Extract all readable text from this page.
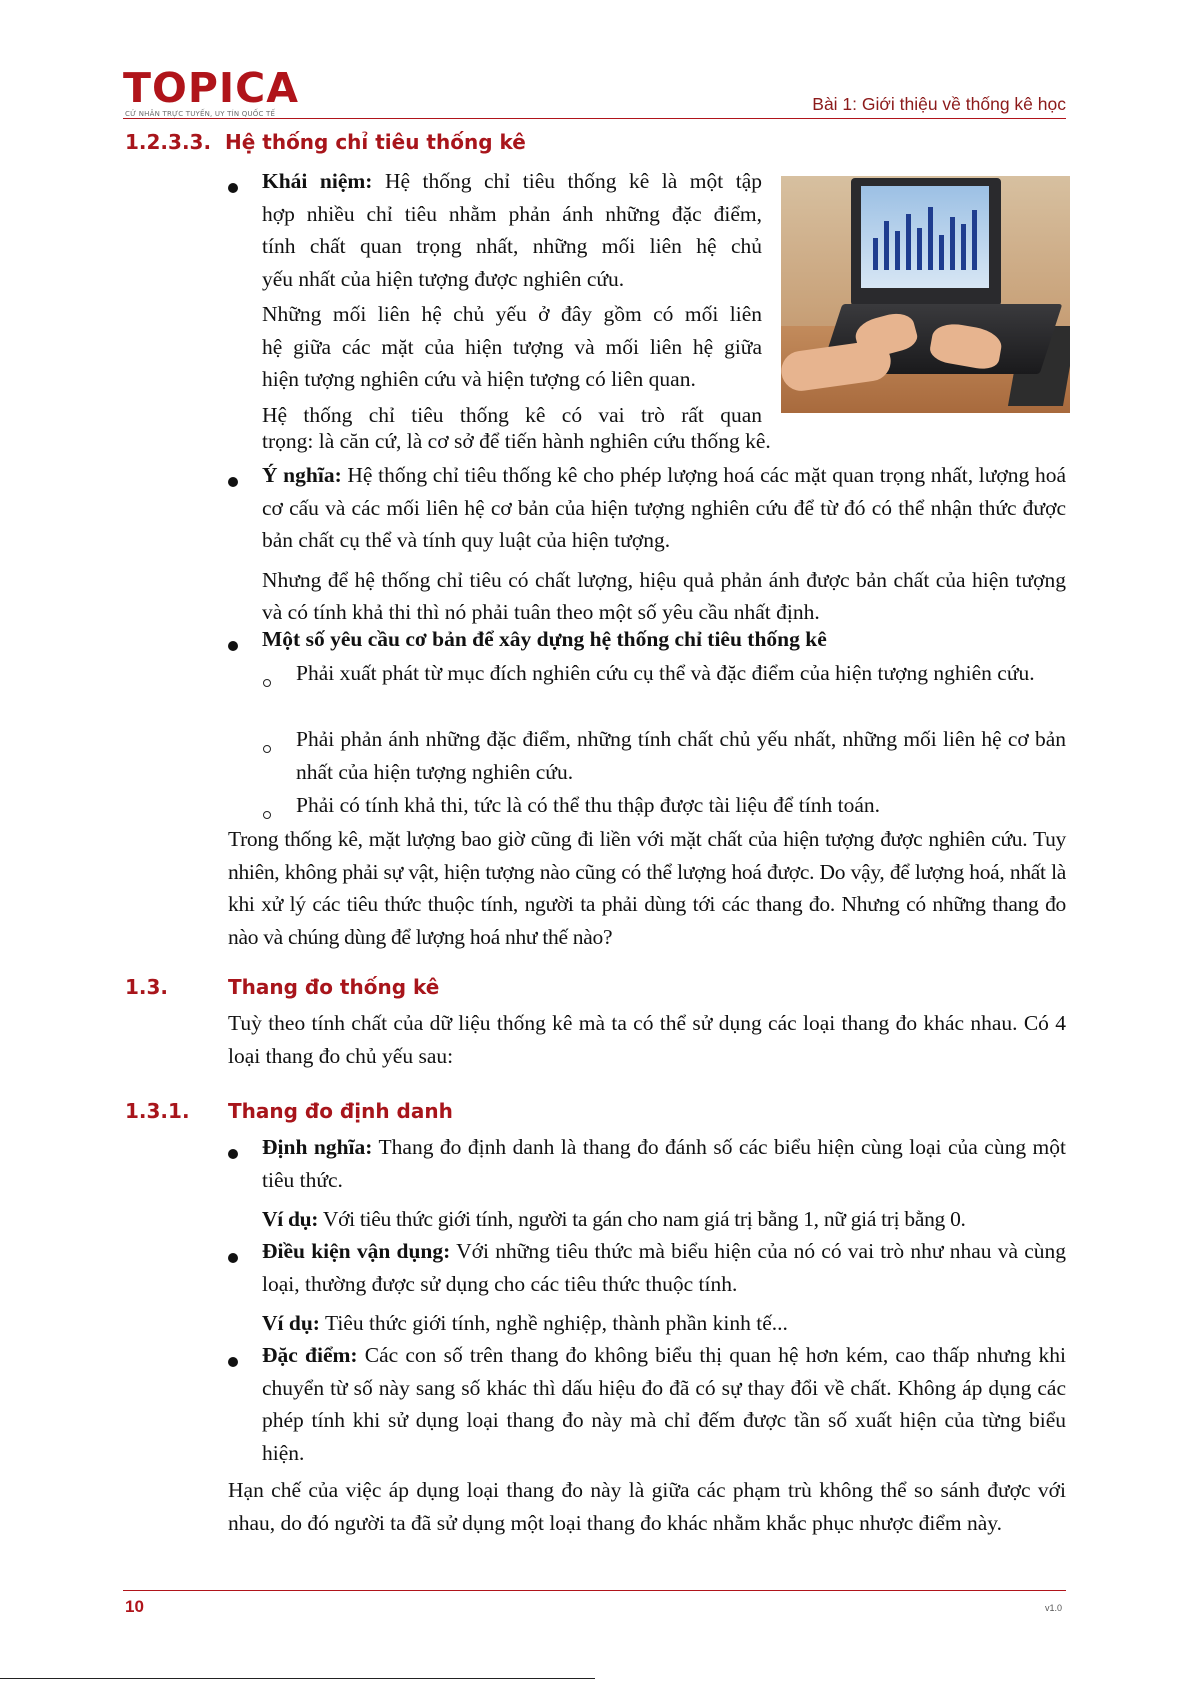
TOPICA
CỬ NHÂN TRỰC TUYẾN, UY TÍN QUỐC TẾ	Bài 1: Giới thiệu về thống kê học
1.2.3.3. Hệ thống chỉ tiêu thống kê

Khái niệm: Hệ thống chỉ tiêu thống kê là một tập

hợp nhiều chỉ tiêu nhằm phản ánh những đặc điểm,

tính chất quan trọng nhất, những mối liên hệ chủ

yếu nhất của hiện tượng được nghiên cứu.

Những mối liên hệ chủ yếu ở đây gồm có mối liên

hệ giữa các mặt của hiện tượng và mối liên hệ giữa

hiện tượng nghiên cứu và hiện tượng có liên quan.

Hệ thống chỉ tiêu thống kê có vai trò rất quan

trọng: là căn cứ, là cơ sở để tiến hành nghiên cứu thống kê.

Ý nghĩa: Hệ thống chỉ tiêu thống kê cho phép lượng hoá các mặt quan trọng nhất, lượng hoá cơ cấu và các mối liên hệ cơ bản của hiện tượng nghiên cứu để từ đó có thể nhận thức được bản chất cụ thể và tính quy luật của hiện tượng.

Nhưng để hệ thống chỉ tiêu có chất lượng, hiệu quả phản ánh được bản chất của hiện tượng và có tính khả thi thì nó phải tuân theo một số yêu cầu nhất định.

Một số yêu cầu cơ bản để xây dựng hệ thống chỉ tiêu thống kê
Phải xuất phát từ mục đích nghiên cứu cụ thể và đặc điểm của hiện tượng nghiên cứu.
Phải phản ánh những đặc điểm, những tính chất chủ yếu nhất, những mối liên hệ cơ bản nhất của hiện tượng nghiên cứu.
Phải có tính khả thi, tức là có thể thu thập được tài liệu để tính toán.
Trong thống kê, mặt lượng bao giờ cũng đi liền với mặt chất của hiện tượng được nghiên cứu. Tuy nhiên, không phải sự vật, hiện tượng nào cũng có thể lượng hoá được. Do vậy, để lượng hoá, nhất là khi xử lý các tiêu thức thuộc tính, người ta phải dùng tới các thang đo. Nhưng có những thang đo nào và chúng dùng để lượng hoá như thế nào?
1.3.	Thang đo thống kê
Tuỳ theo tính chất của dữ liệu thống kê mà ta có thể sử dụng các loại thang đo khác nhau. Có 4 loại thang đo chủ yếu sau:
1.3.1. Thang đo định danh

Định nghĩa: Thang đo định danh là thang đo đánh số các biểu hiện cùng loại của cùng một tiêu thức.

Ví dụ: Với tiêu thức giới tính, người ta gán cho nam giá trị bằng 1, nữ giá trị bằng 0.

Điều kiện vận dụng: Với những tiêu thức mà biểu hiện của nó có vai trò như nhau và cùng loại, thường được sử dụng cho các tiêu thức thuộc tính.

Ví dụ: Tiêu thức giới tính, nghề nghiệp, thành phần kinh tế...

Đặc điểm: Các con số trên thang đo không biểu thị quan hệ hơn kém, cao thấp nhưng khi chuyển từ số này sang số khác thì dấu hiệu đo đã có sự thay đổi về chất. Không áp dụng các phép tính khi sử dụng loại thang đo này mà chỉ đếm được tần số xuất hiện của từng biểu hiện.

Hạn chế của việc áp dụng loại thang đo này là giữa các phạm trù không thể so sánh được với nhau, do đó người ta đã sử dụng một loại thang đo khác nhằm khắc phục nhược điểm này.
10	v1.0
